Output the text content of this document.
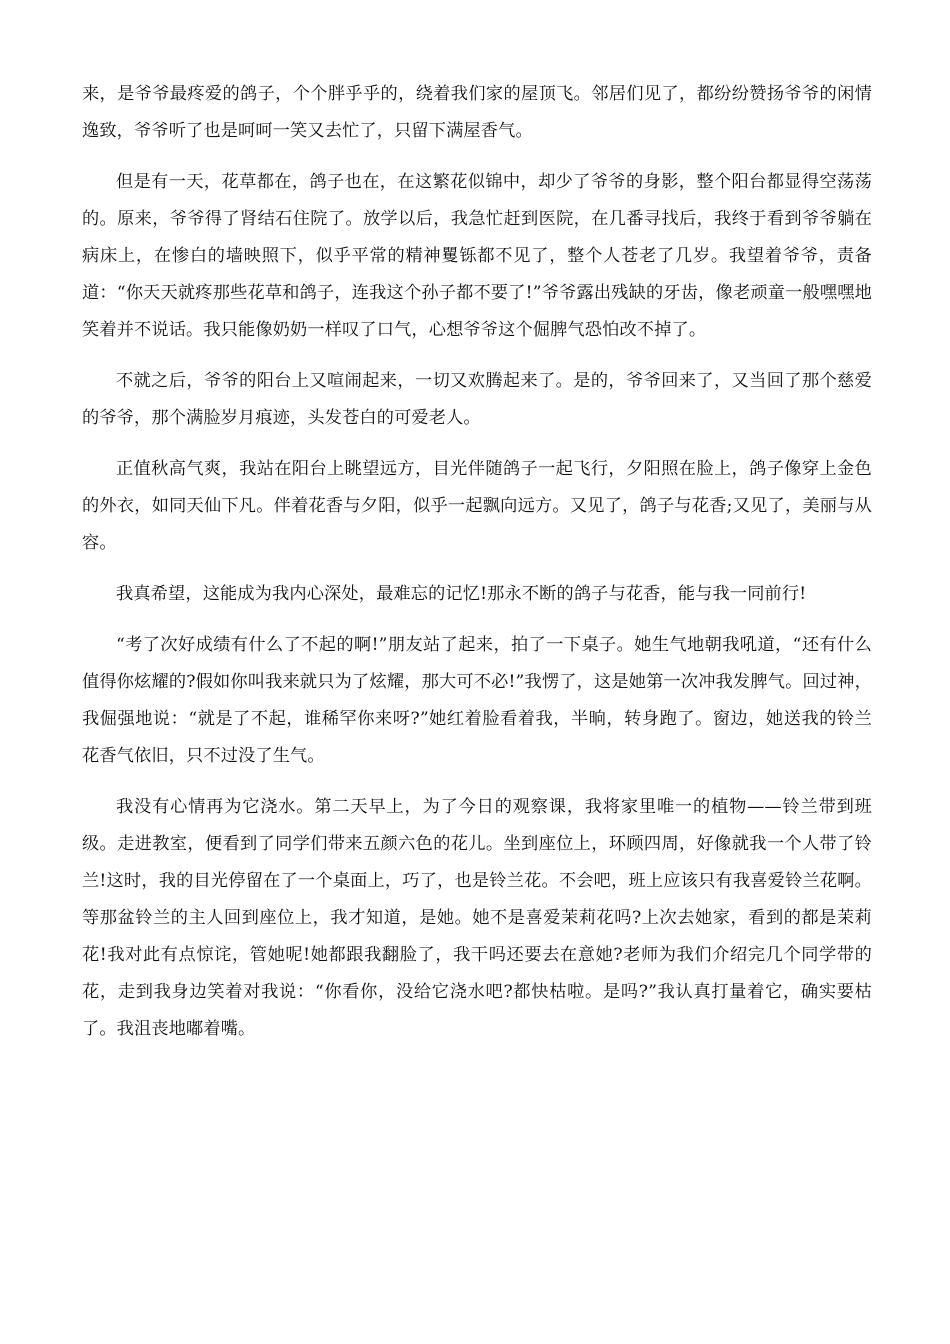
来，是爷爷最疼爱的鸽子，个个胖乎乎的，绕着我们家的屋顶飞。邻居们见了，都纷纷赞扬爷爷的闲情逸致，爷爷听了也是呵呵一笑又去忙了，只留下满屋香气。

但是有一天，花草都在，鸽子也在，在这繁花似锦中，却少了爷爷的身影，整个阳台都显得空荡荡的。原来，爷爷得了肾结石住院了。放学以后，我急忙赶到医院，在几番寻找后，我终于看到爷爷躺在病床上，在惨白的墙映照下，似乎平常的精神矍铄都不见了，整个人苍老了几岁。我望着爷爷，责备道：“你天天就疼那些花草和鸽子，连我这个孙子都不要了!”爷爷露出残缺的牙齿，像老顽童一般嘿嘿地笑着并不说话。我只能像奶奶一样叹了口气，心想爷爷这个倔脾气恐怕改不掉了。

不就之后，爷爷的阳台上又喧闹起来，一切又欢腾起来了。是的，爷爷回来了，又当回了那个慈爱的爷爷，那个满脸岁月痕迹，头发苍白的可爱老人。

正值秋高气爽，我站在阳台上眺望远方，目光伴随鸽子一起飞行，夕阳照在脸上，鸽子像穿上金色的外衣，如同天仙下凡。伴着花香与夕阳，似乎一起飘向远方。又见了，鸽子与花香;又见了，美丽与从容。

我真希望，这能成为我内心深处，最难忘的记忆!那永不断的鸽子与花香，能与我一同前行!

“考了次好成绩有什么了不起的啊!”朋友站了起来，拍了一下桌子。她生气地朝我吼道，“还有什么值得你炫耀的?假如你叫我来就只为了炫耀，那大可不必!”我愣了，这是她第一次冲我发脾气。回过神，我倔强地说：“就是了不起，谁稀罕你来呀?”她红着脸看着我，半晌，转身跑了。窗边，她送我的铃兰花香气依旧，只不过没了生气。

我没有心情再为它浇水。第二天早上，为了今日的观察课，我将家里唯一的植物——铃兰带到班级。走进教室，便看到了同学们带来五颜六色的花儿。坐到座位上，环顾四周，好像就我一个人带了铃兰!这时，我的目光停留在了一个桌面上，巧了，也是铃兰花。不会吧，班上应该只有我喜爱铃兰花啊。等那盆铃兰的主人回到座位上，我才知道，是她。她不是喜爱茉莉花吗?上次去她家，看到的都是茉莉花!我对此有点惊诧，管她呢!她都跟我翻脸了，我干吗还要去在意她?老师为我们介绍完几个同学带的花，走到我身边笑着对我说：“你看你，没给它浇水吧?都快枯啦。是吗?”我认真打量着它，确实要枯了。我沮丧地嘟着嘴。
